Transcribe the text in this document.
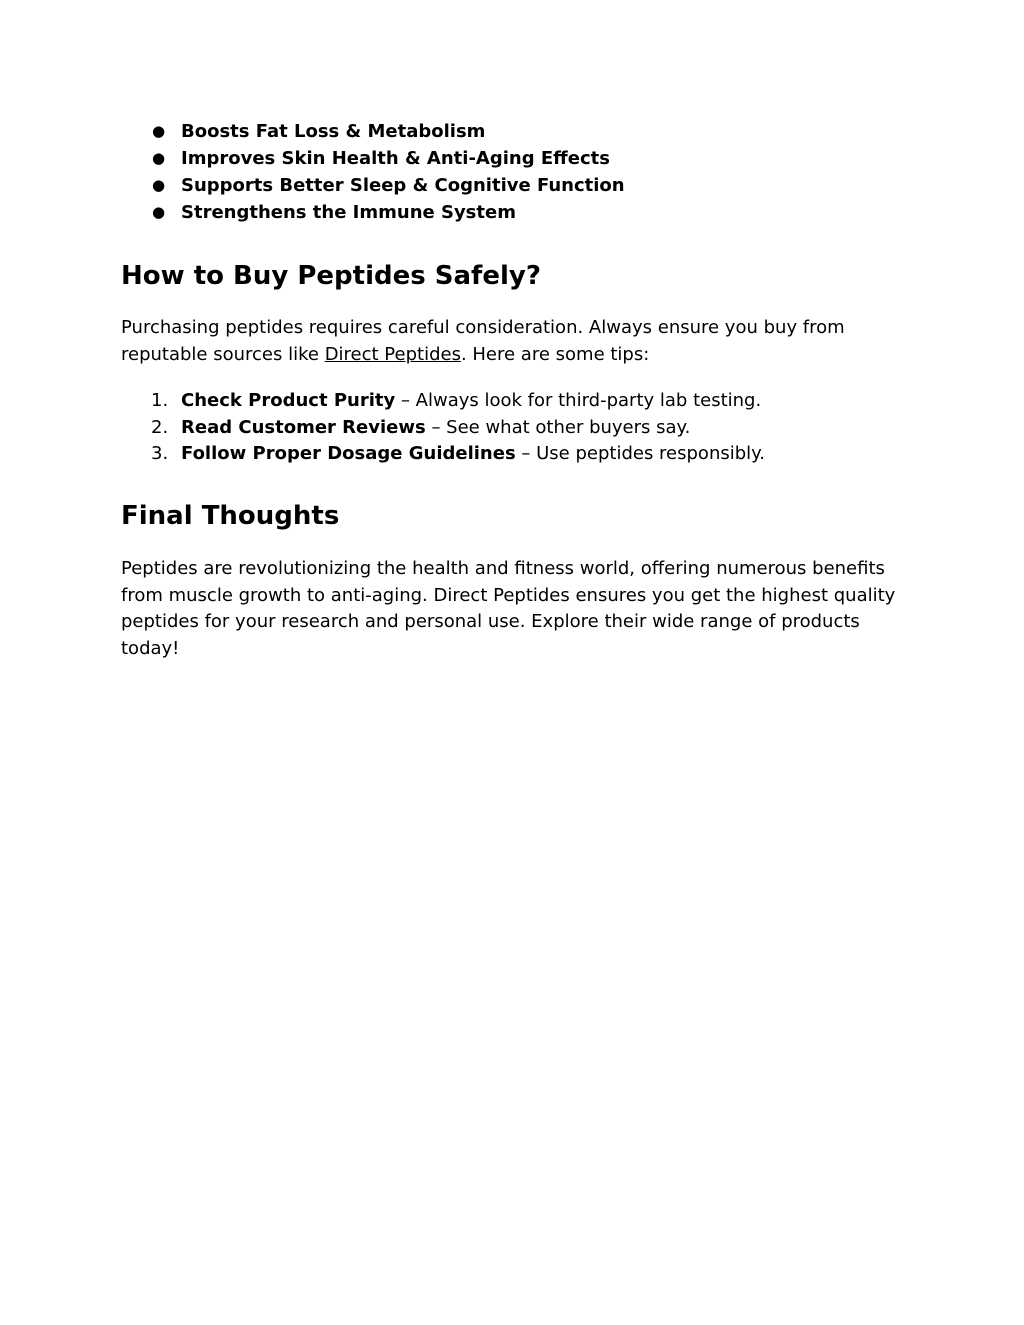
● Boosts Fat Loss & Metabolism
● Improves Skin Health & Anti-Aging Effects
● Supports Better Sleep & Cognitive Function
● Strengthens the Immune System
How to Buy Peptides Safely?

Purchasing peptides requires careful consideration. Always ensure you buy from reputable sources like Direct Peptides. Here are some tips:

1. Check Product Purity – Always look for third-party lab testing.
2. Read Customer Reviews – See what other buyers say.
3. Follow Proper Dosage Guidelines – Use peptides responsibly.
Final Thoughts

Peptides are revolutionizing the health and fitness world, offering numerous benefits from muscle growth to anti-aging. Direct Peptides ensures you get the highest quality peptides for your research and personal use. Explore their wide range of products today!
